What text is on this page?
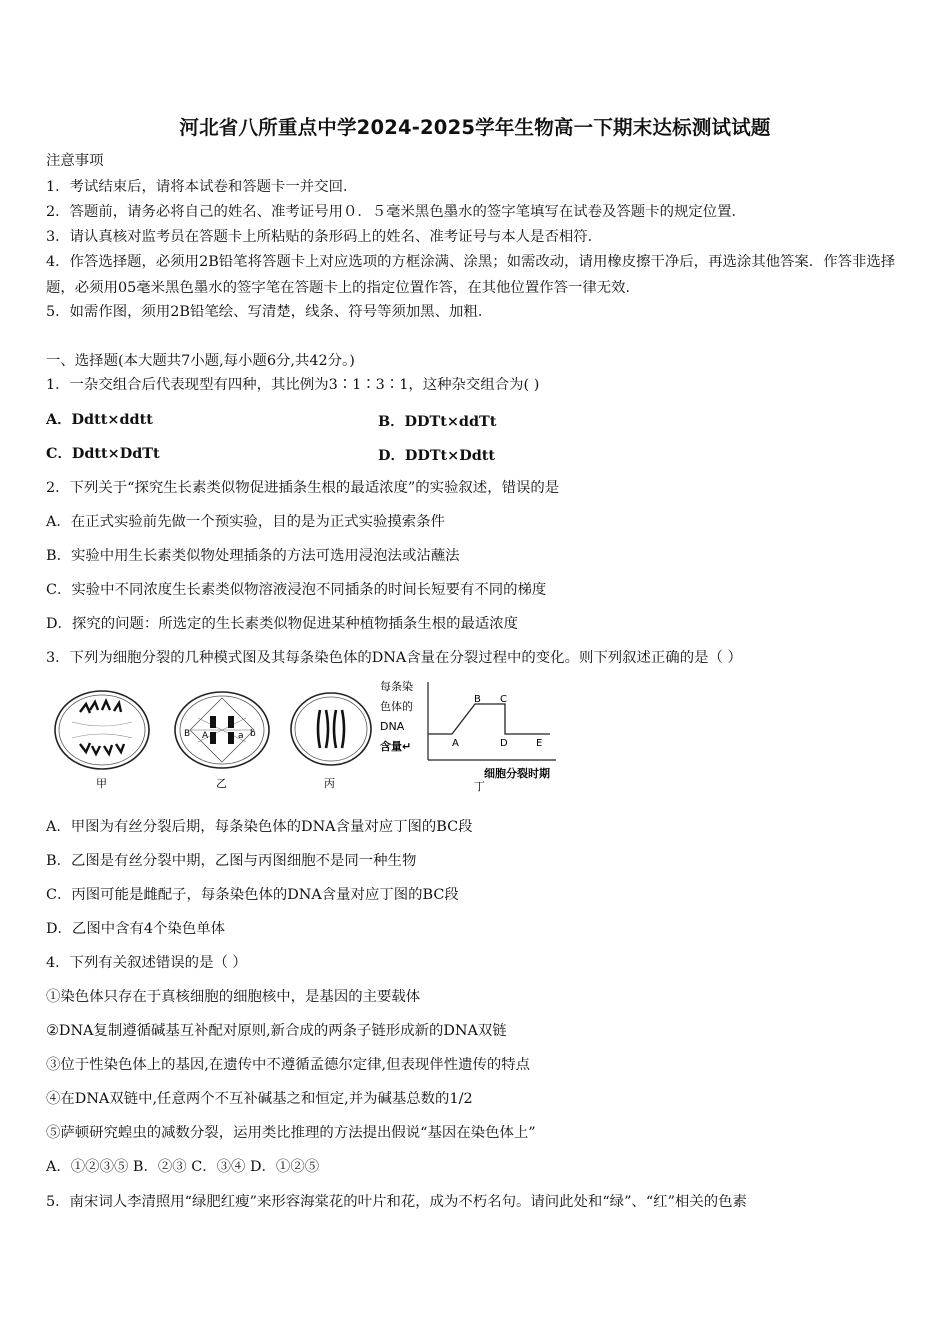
河北省八所重点中学2024-2025学年生物高一下期末达标测试试题
注意事项
1．考试结束后，请将本试卷和答题卡一并交回．
2．答题前，请务必将自己的姓名、准考证号用０．５毫米黑色墨水的签字笔填写在试卷及答题卡的规定位置．
3．请认真核对监考员在答题卡上所粘贴的条形码上的姓名、准考证号与本人是否相符．
4．作答选择题，必须用2B铅笔将答题卡上对应选项的方框涂满、涂黑；如需改动，请用橡皮擦干净后，再选涂其他答案．作答非选择题，必须用05毫米黑色墨水的签字笔在答题卡上的指定位置作答，在其他位置作答一律无效．
5．如需作图，须用2B铅笔绘、写清楚，线条、符号等须加黑、加粗．
一、选择题(本大题共7小题,每小题6分,共42分。)
1．一杂交组合后代表现型有四种，其比例为3∶1∶3∶1，这种杂交组合为( )
A．Ddtt×ddtt	B．DDTt×ddTt
C．Ddtt×DdTt	D．DDTt×Ddtt
2．下列关于“探究生长素类似物促进插条生根的最适浓度”的实验叙述，错误的是
A．在正式实验前先做一个预实验，目的是为正式实验摸索条件
B．实验中用生长素类似物处理插条的方法可选用浸泡法或沾蘸法
C．实验中不同浓度生长素类似物溶液浸泡不同插条的时间长短要有不同的梯度
D．探究的问题：所选定的生长素类似物促进某种植物插条生根的最适浓度
3．下列为细胞分裂的几种模式图及其每条染色体的DNA含量在分裂过程中的变化。则下列叙述正确的是（ ）
甲
B A	a b
乙	丙
每条染
色体的
DNA
含量↵	A
B C
D	E
细胞分裂时期
丁
A．甲图为有丝分裂后期，每条染色体的DNA含量对应丁图的BC段
B．乙图是有丝分裂中期，乙图与丙图细胞不是同一种生物
C．丙图可能是雌配子，每条染色体的DNA含量对应丁图的BC段
D．乙图中含有4个染色单体
4．下列有关叙述错误的是（ ）
①染色体只存在于真核细胞的细胞核中，是基因的主要载体
②DNA复制遵循碱基互补配对原则,新合成的两条子链形成新的DNA双链
③位于性染色体上的基因,在遗传中不遵循孟德尔定律,但表现伴性遗传的特点
④在DNA双链中,任意两个不互补碱基之和恒定,并为碱基总数的1/2
⑤萨顿研究蝗虫的减数分裂，运用类比推理的方法提出假说“基因在染色体上”
A．①②③⑤ B．②③ C．③④ D．①②⑤
5．南宋词人李清照用“绿肥红瘦”来形容海棠花的叶片和花，成为不朽名句。请问此处和“绿”、“红”相关的色素
